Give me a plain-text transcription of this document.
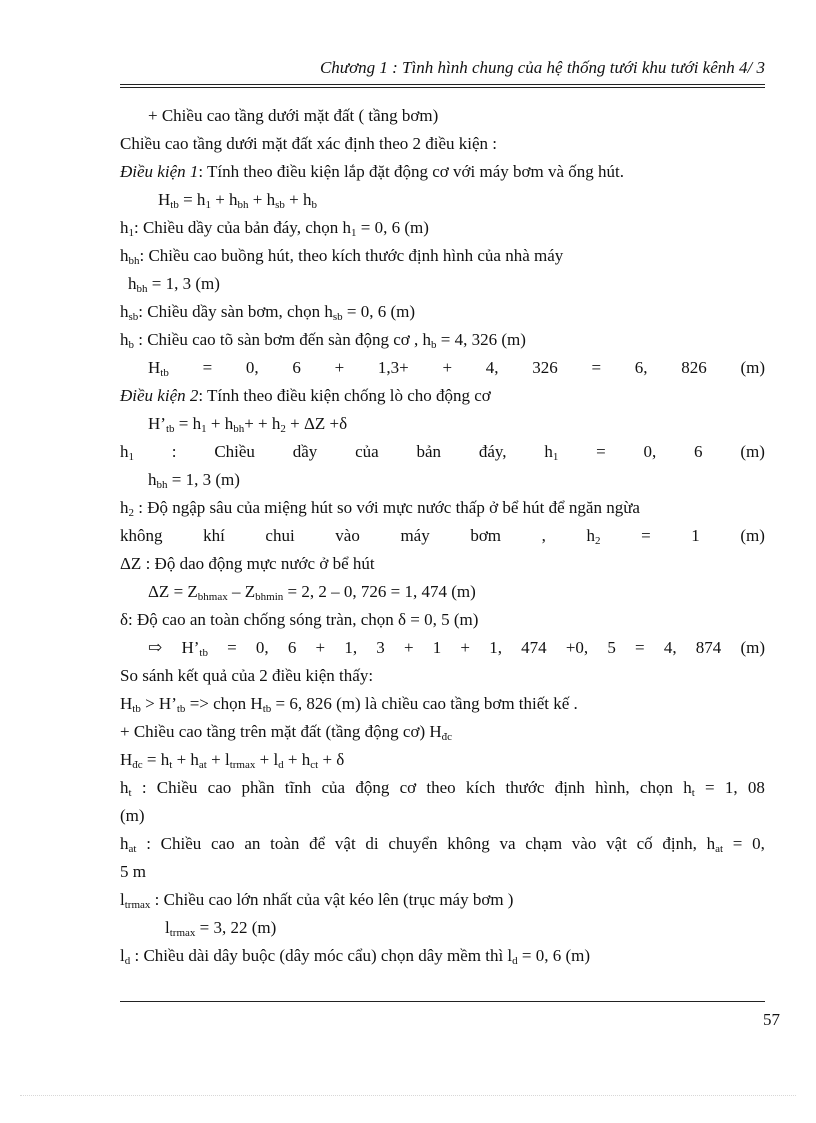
Chương 1 : Tình hình chung của hệ thống tưới khu tưới kênh 4/ 3
+ Chiều cao tầng dưới mặt đất ( tầng bơm)
Chiều cao tầng dưới mặt đất xác định theo 2 điều kiện :
Điều kiện 1: Tính theo điều kiện lắp đặt động cơ với máy bơm và ống hút.
$H_{tb} = h_1 + h_{bh} + h_{sb} + h_b$
$h_1$: Chiều dầy của bản đáy, chọn $h_1 = 0$, 6 (m)
$h_{bh}$: Chiều cao buồng hút, theo kích thước định hình của nhà máy
$h_{bh} = 1$, 3 (m)
$h_{sb}$: Chiều dầy sàn bơm, chọn $h_{sb} = 0$, 6 (m)
$h_b$ : Chiều cao tõ sàn bơm đến sàn động cơ , $h_b = 4$, 326 (m)
$H_{tb} = 0$, 6 + 1,3+ + 4, 326 = 6, 826 (m)
Điều kiện 2: Tính theo điều kiện chống lò cho động cơ
$H’_{tb} = h_1 + h_{bh}+ + h_2 + \Delta Z +\delta$
$h_1$ : Chiều dầy của bản đáy, $h_1 = 0$, 6 (m)
$h_{bh} = 1$, 3 (m)
$h_2$ : Độ ngập sâu của miệng hút so với mực nước thấp ở bể hút để ngăn ngừa
không khí chui vào máy bơm , $h_2 = 1$ (m)
ΔZ : Độ dao động mực nước ở bể hút
$\Delta Z = Z_{bhmax} - Z_{bhmin} = 2$, 2 – 0, 726 = 1, 474 (m)
δ: Độ cao an toàn chống sóng tràn, chọn δ = 0, 5 (m)
⇨ $H’_{tb} = 0$, 6 + 1, 3 + 1 + 1, 474 +0, 5 = 4, 874 (m)
So sánh kết quả của 2 điều kiện thấy:
$H_{tb}$ > $H’_{tb}$ => chọn $H_{tb} = 6$, 826 (m) là chiều cao tầng bơm thiết kế .
+ Chiều cao tầng trên mặt đất (tầng động cơ) $H_{đc}$
$H_{đc} = h_t + h_{at} + l_{trmax} + l_d + h_{ct} + \delta$
$h_t$ : Chiều cao phần tĩnh của động cơ theo kích thước định hình, chọn $h_t = 1$, 08
(m)
$h_{at}$ : Chiều cao an toàn để vật di chuyển không va chạm vào vật cố định, $h_{at} = 0$,
5 m
$l_{trmax}$ : Chiều cao lớn nhất của vật kéo lên (trục máy bơm )
$l_{trmax} = 3$, 22 (m)
$l_d$ : Chiều dài dây buộc (dây móc cẩu) chọn dây mềm thì $l_d = 0$, 6 (m)
57
